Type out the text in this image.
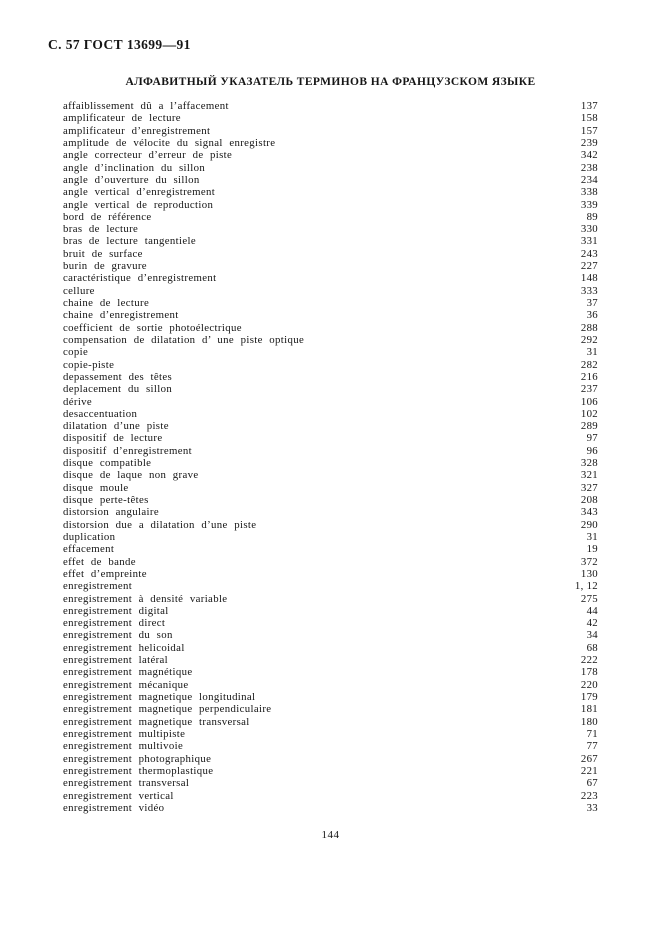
С. 57 ГОСТ 13699—91
АЛФАВИТНЫЙ УКАЗАТЕЛЬ ТЕРМИНОВ НА ФРАНЦУЗСКОМ ЯЗЫКЕ
affaiblissement dû a l’affacement	137
amplificateur de lecture	158
amplificateur d’enregistrement	157
amplitude de vélocite du signal enregistre	239
angle correcteur d’erreur de piste	342
angle d’inclination du sillon	238
angle d’ouverture du sillon	234
angle vertical d’enregistrement	338
angle vertical de reproduction	339
bord de référence	89
bras de lecture	330
bras de lecture tangentiele	331
bruit de surface	243
burin de gravure	227
caractéristique d’enregistrement	148
cellure	333
chaine de lecture	37
chaine d’enregistrement	36
coefficient de sortie photoélectrique	288
compensation de dilatation d’ une piste optique	292
copie	31
copie-piste	282
depassement des têtes	216
deplacement du sillon	237
dérive	106
desaccentuation	102
dilatation d’une piste	289
dispositif de lecture	97
dispositif d’enregistrement	96
disque compatible	328
disque de laque non grave	321
disque moule	327
disque perte-têtes	208
distorsion angulaire	343
distorsion due a dilatation d’une piste	290
duplication	31
effacement	19
effet de bande	372
effet d’empreinte	130
enregistrement	1, 12
enregistrement à densité variable	275
enregistrement digital	44
enregistrement direct	42
enregistrement du son	34
enregistrement helicoidal	68
enregistrement latéral	222
enregistrement magnétique	178
enregistrement mécanique	220
enregistrement magnetique longitudinal	179
enregistrement magnetique perpendiculaire	181
enregistrement magnetique transversal	180
enregistrement multipiste	71
enregistrement multivoie	77
enregistrement photographique	267
enregistrement thermoplastique	221
enregistrement transversal	67
enregistrement vertical	223
enregistrement vidéo	33
144
